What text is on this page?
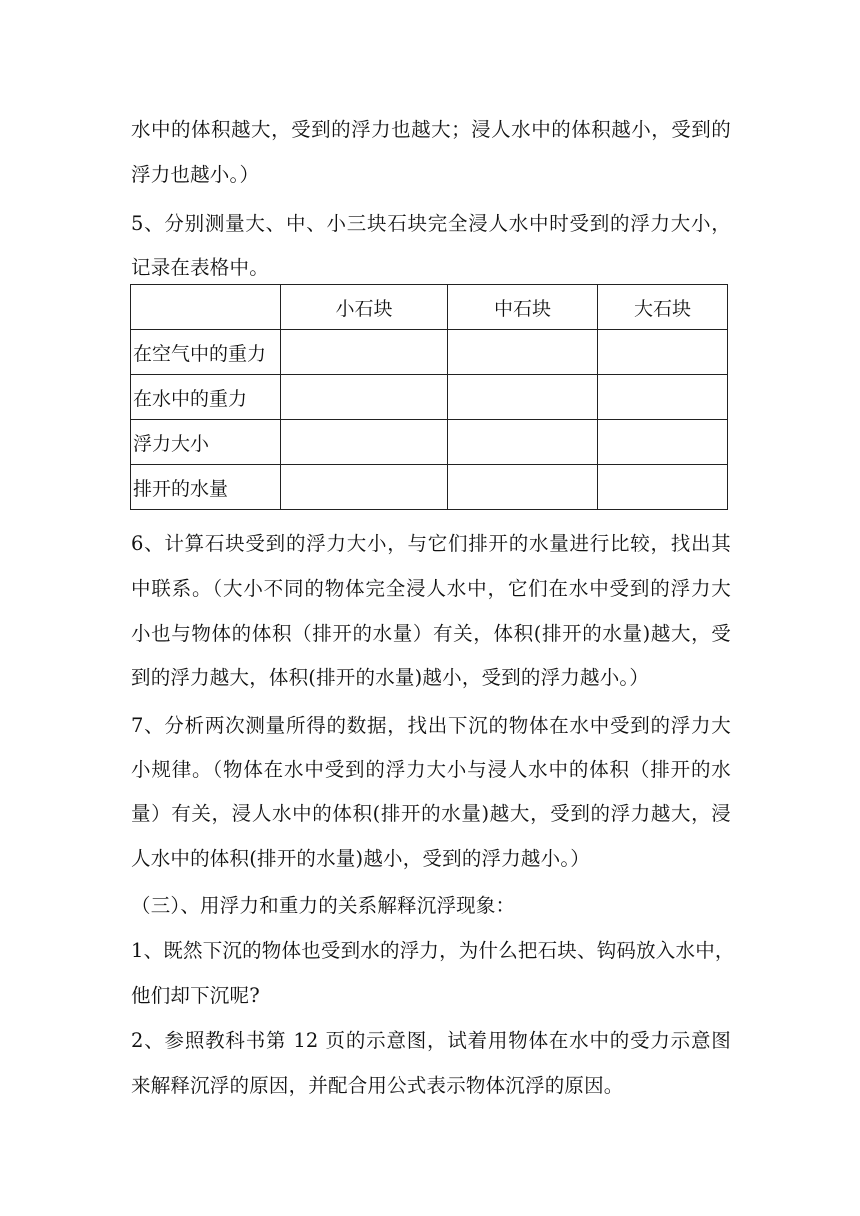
水中的体积越大，受到的浮力也越大；浸人水中的体积越小，受到的
浮力也越小。）
5、分别测量大、中、小三块石块完全浸人水中时受到的浮力大小，
记录在表格中。
	小石块	中石块	大石块
在空气中的重力			
在水中的重力			
浮力大小			
排开的水量			
6、计算石块受到的浮力大小，与它们排开的水量进行比较，找出其
中联系。（大小不同的物体完全浸人水中，它们在水中受到的浮力大
小也与物体的体积（排开的水量）有关，体积(排开的水量)越大，受
到的浮力越大，体积(排开的水量)越小，受到的浮力越小。）
7、分析两次测量所得的数据，找出下沉的物体在水中受到的浮力大
小规律。（物体在水中受到的浮力大小与浸人水中的体积（排开的水
量）有关，浸人水中的体积(排开的水量)越大，受到的浮力越大，浸
人水中的体积(排开的水量)越小，受到的浮力越小。）
（三）、用浮力和重力的关系解释沉浮现象：
1、既然下沉的物体也受到水的浮力，为什么把石块、钩码放入水中，
他们却下沉呢?
2、参照教科书第 12 页的示意图，试着用物体在水中的受力示意图
来解释沉浮的原因，并配合用公式表示物体沉浮的原因。
